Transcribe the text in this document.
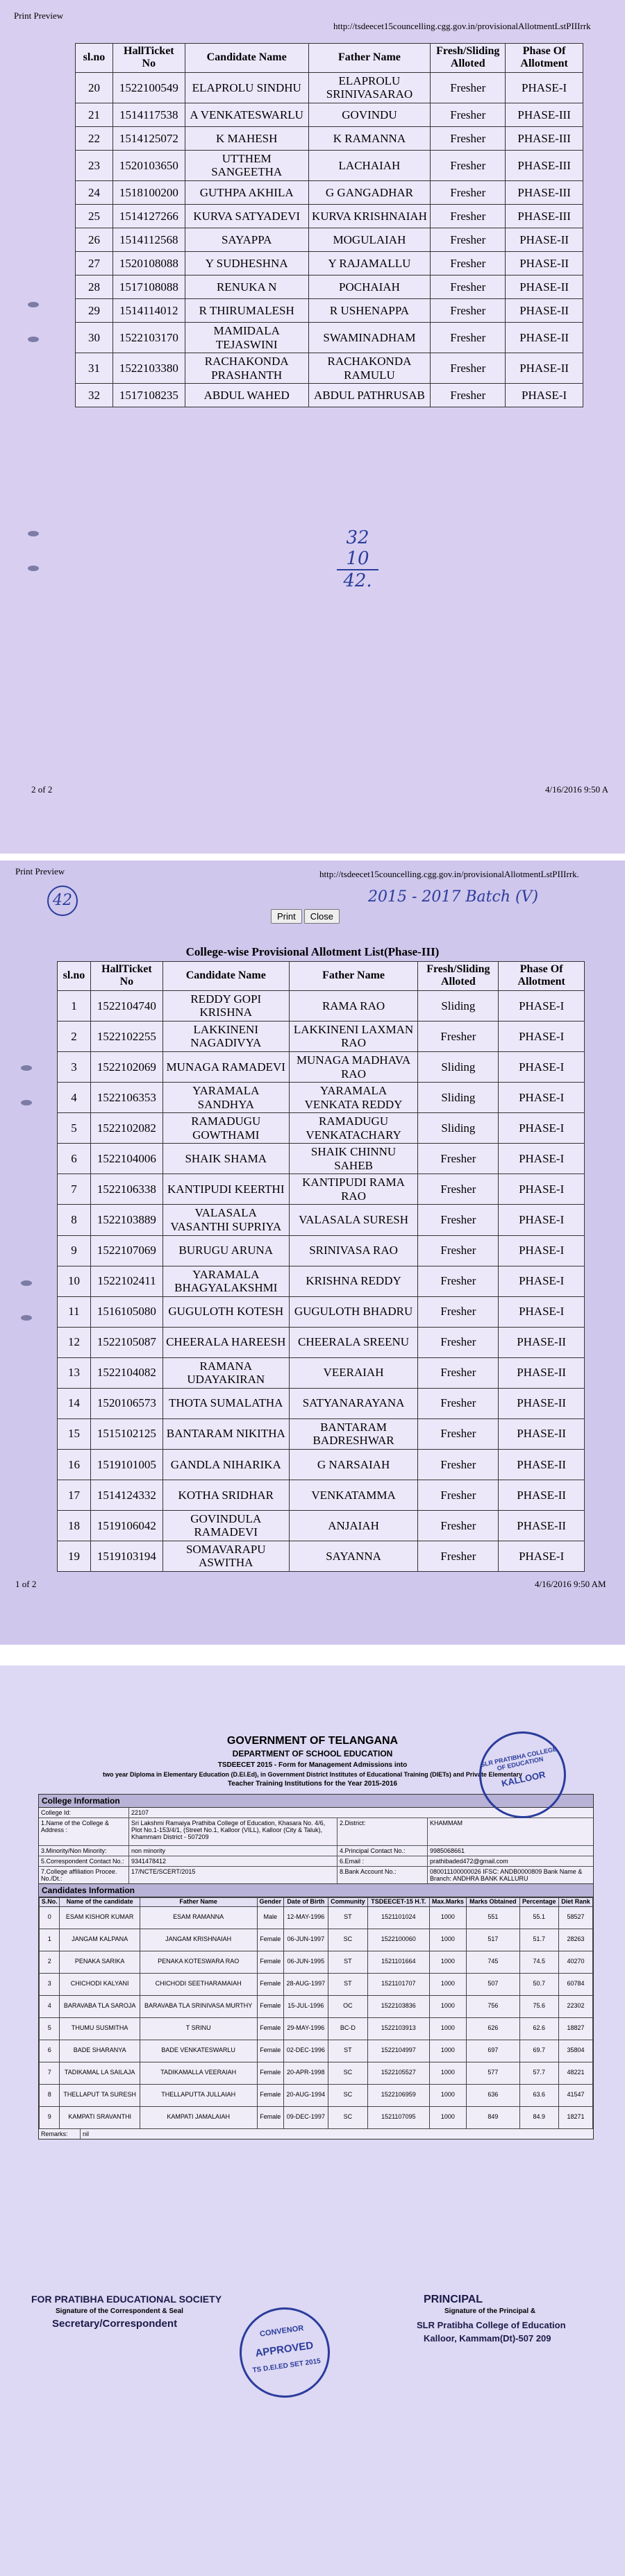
Print Preview
http://tsdeecet15councelling.cgg.gov.in/provisionalAllotmentLstPIIIrrk
sl.no	HallTicket No	Candidate Name	Father Name	Fresh/Sliding Alloted	Phase Of Allotment
20	1522100549	ELAPROLU SINDHU	ELAPROLU SRINIVASARAO	Fresher	PHASE-I
21	1514117538	A VENKATESWARLU	GOVINDU	Fresher	PHASE-III
22	1514125072	K MAHESH	K RAMANNA	Fresher	PHASE-III
23	1520103650	UTTHEM SANGEETHA	LACHAIAH	Fresher	PHASE-III
24	1518100200	GUTHPA AKHILA	G GANGADHAR	Fresher	PHASE-III
25	1514127266	KURVA SATYADEVI	KURVA KRISHNAIAH	Fresher	PHASE-III
26	1514112568	SAYAPPA	MOGULAIAH	Fresher	PHASE-II
27	1520108088	Y SUDHESHNA	Y RAJAMALLU	Fresher	PHASE-II
28	1517108088	RENUKA N	POCHAIAH	Fresher	PHASE-II
29	1514114012	R THIRUMALESH	R USHENAPPA	Fresher	PHASE-II
30	1522103170	MAMIDALA TEJASWINI	SWAMINADHAM	Fresher	PHASE-II
31	1522103380	RACHAKONDA PRASHANTH	RACHAKONDA RAMULU	Fresher	PHASE-II
32	1517108235	ABDUL WAHED	ABDUL PATHRUSAB	Fresher	PHASE-I
32
10
42.
2 of 2	4/16/2016 9:50 A
Print Preview	http://tsdeecet15councelling.cgg.gov.in/provisionalAllotmentLstPIIIrrk.
42	2015 - 2017 Batch (V)
Print Close
College-wise Provisional Allotment List(Phase-III)
sl.no	HallTicket No	Candidate Name	Father Name	Fresh/Sliding Alloted	Phase Of Allotment
1	1522104740	REDDY GOPI KRISHNA	RAMA RAO	Sliding	PHASE-I
2	1522102255	LAKKINENI NAGADIVYA	LAKKINENI LAXMAN RAO	Fresher	PHASE-I
3	1522102069	MUNAGA RAMADEVI	MUNAGA MADHAVA RAO	Sliding	PHASE-I
4	1522106353	YARAMALA SANDHYA	YARAMALA VENKATA REDDY	Sliding	PHASE-I
5	1522102082	RAMADUGU GOWTHAMI	RAMADUGU VENKATACHARY	Sliding	PHASE-I
6	1522104006	SHAIK SHAMA	SHAIK CHINNU SAHEB	Fresher	PHASE-I
7	1522106338	KANTIPUDI KEERTHI	KANTIPUDI RAMA RAO	Fresher	PHASE-I
8	1522103889	VALASALA VASANTHI SUPRIYA	VALASALA SURESH	Fresher	PHASE-I
9	1522107069	BURUGU ARUNA	SRINIVASA RAO	Fresher	PHASE-I
10	1522102411	YARAMALA BHAGYALAKSHMI	KRISHNA REDDY	Fresher	PHASE-I
11	1516105080	GUGULOTH KOTESH	GUGULOTH BHADRU	Fresher	PHASE-I
12	1522105087	CHEERALA HAREESH	CHEERALA SREENU	Fresher	PHASE-II
13	1522104082	RAMANA UDAYAKIRAN	VEERAIAH	Fresher	PHASE-II
14	1520106573	THOTA SUMALATHA	SATYANARAYANA	Fresher	PHASE-II
15	1515102125	BANTARAM NIKITHA	BANTARAM BADRESHWAR	Fresher	PHASE-II
16	1519101005	GANDLA NIHARIKA	G NARSAIAH	Fresher	PHASE-II
17	1514124332	KOTHA SRIDHAR	VENKATAMMA	Fresher	PHASE-II
18	1519106042	GOVINDULA RAMADEVI	ANJAIAH	Fresher	PHASE-II
19	1519103194	SOMAVARAPU ASWITHA	SAYANNA	Fresher	PHASE-I
1 of 2	4/16/2016 9:50 AM
GOVERNMENT OF TELANGANA
DEPARTMENT OF SCHOOL EDUCATION
TSDEECET 2015 - Form for Management Admissions into
two year Diploma in Elementary Education (D.El.Ed), in Government District Institutes of Educational Training (DIETs) and Private Elementary
Teacher Training Institutions for the Year 2015-2016
College Information
College Id:	22107
1.Name of the College & Address :
Sri Lakshmi Ramaiya Prathiba College of Education, Khasara No. 4/6, Plot No.1-153/4/1, (Street No.1, Kalloor (VILL), Kalloor (City & Taluk), Khammam District - 507209
2.District:	KHAMMAM
3.Minority/Non Minority:	non minority	4.Principal Contact No.:	9985068661
5.Correspondent Contact No.:	9341478412	6.Email :	prathibaded472@gmail.com
7.College affiliation Procee. No./Dt.:
17/NCTE/SCERT/2015	8.Bank Account No.:	080011100000026 IFSC: ANDB0000809 Bank Name & Branch: ANDHRA BANK KALLURU
Candidates Information
S.No.	Name of the candidate	Father Name	Gender	Date of Birth	Community	TSDEECET-15 H.T.	Max.Marks	Marks Obtained	Percentage	Diet Rank
0	ESAM KISHOR KUMAR	ESAM RAMANNA	Male	12-MAY-1996	ST	1521101024	1000	551	55.1	58527
1	JANGAM KALPANA	JANGAM KRISHNAIAH	Female	06-JUN-1997	SC	1522100060	1000	517	51.7	28263
2	PENAKA SARIKA	PENAKA KOTESWARA RAO	Female	06-JUN-1995	ST	1521101664	1000	745	74.5	40270
3	CHICHODI KALYANI	CHICHODI SEETHARAMAIAH	Female	28-AUG-1997	ST	1521101707	1000	507	50.7	60784
4	BARAVABA TLA SAROJA	BARAVABA TLA SRINIVASA MURTHY	Female	15-JUL-1996	OC	1522103836	1000	756	75.6	22302
5	THUMU SUSMITHA	T SRINU	Female	29-MAY-1996	BC-D	1522103913	1000	626	62.6	18827
6	BADE SHARANYA	BADE VENKATESWARLU	Female	02-DEC-1996	ST	1522104997	1000	697	69.7	35804
7	TADIKAMAL LA SAILAJA	TADIKAMALLA VEERAIAH	Female	20-APR-1998	SC	1522105527	1000	577	57.7	48221
8	THELLAPUT TA SURESH	THELLAPUTTA JULLAIAH	Female	20-AUG-1994	SC	1522106959	1000	636	63.6	41547
9	KAMPATI SRAVANTHI	KAMPATI JAMALAIAH	Female	09-DEC-1997	SC	1521107095	1000	849	84.9	18271
Remarks:	nil
SLR PRATIBHA COLLEGE OF EDUCATION
KALLOOR
CONVENOR
APPROVED
TS D.EI.ED SET 2015
FOR PRATIBHA EDUCATIONAL SOCIETY
Signature of the Correspondent & Seal
Secretary/Correspondent
PRINCIPAL
Signature of the Principal &
SLR Pratibha College of Education
Kalloor, Kammam(Dt)-507 209
